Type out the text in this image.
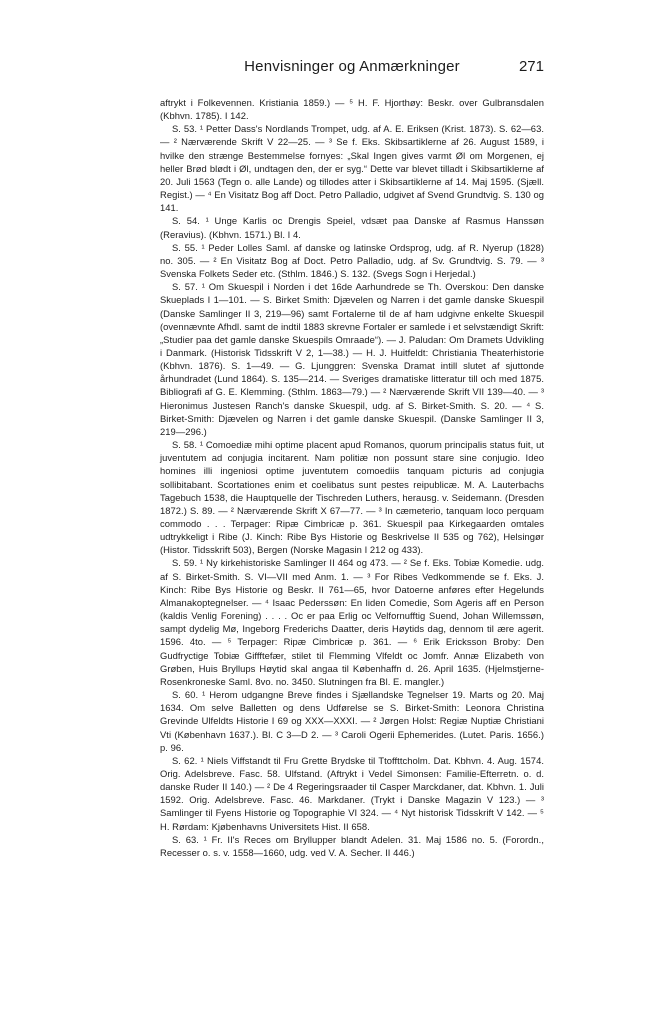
Henvisninger og Anmærkninger	271

aftrykt i Folkevennen. Kristiania 1859.) — ⁵ H. F. Hjorthøy: Beskr. over Gulbransdalen (Kbhvn. 1785). I 142.

S. 53. ¹ Petter Dass's Nordlands Trompet, udg. af A. E. Eriksen (Krist. 1873). S. 62—63. — ² Nærværende Skrift V 22—25. — ³ Se f. Eks. Skibsartiklerne af 26. August 1589, i hvilke den strænge Bestemmelse fornyes: „Skal Ingen gives varmt Øl om Morgenen, ej heller Brød blødt i Øl, undtagen den, der er syg.“ Dette var blevet tilladt i Skibsartiklerne af 20. Juli 1563 (Tegn o. alle Lande) og tillodes atter i Skibsartiklerne af 14. Maj 1595. (Sjæll. Regist.) — ⁴ En Visitatz Bog aff Doct. Petro Palladio, udgivet af Svend Grundtvig. S. 130 og 141.

S. 54. ¹ Unge Karlis oc Drengis Speiel, vdsæt paa Danske af Rasmus Hanssøn (Reravius). (Kbhvn. 1571.) Bl. I 4.

S. 55. ¹ Peder Lolles Saml. af danske og latinske Ordsprog, udg. af R. Nyerup (1828) no. 305. — ² En Visitatz Bog af Doct. Petro Palladio, udg. af Sv. Grundtvig. S. 79. — ³ Svenska Folkets Seder etc. (Sthlm. 1846.) S. 132. (Svegs Sogn i Herjedal.)

S. 57. ¹ Om Skuespil i Norden i det 16de Aarhundrede se Th. Overskou: Den danske Skueplads I 1—101. — S. Birket Smith: Djævelen og Narren i det gamle danske Skuespil (Danske Samlinger II 3, 219—96) samt Fortalerne til de af ham udgivne enkelte Skuespil (ovennævnte Afhdl. samt de indtil 1883 skrevne Fortaler er samlede i et selvstændigt Skrift: „Studier paa det gamle danske Skuespils Omraade“). — J. Paludan: Om Dramets Udvikling i Danmark. (Historisk Tidsskrift V 2, 1—38.) — H. J. Huitfeldt: Christiania Theaterhistorie (Kbhvn. 1876). S. 1—49. — G. Ljunggren: Svenska Dramat intill slutet af sjuttonde århundradet (Lund 1864). S. 135—214. — Sveriges dramatiske litteratur till och med 1875. Bibliografi af G. E. Klemming. (Sthlm. 1863—79.) — ² Nærværende Skrift VII 139—40. — ³ Hieronimus Justesen Ranch's danske Skuespil, udg. af S. Birket-Smith. S. 20. — ⁴ S. Birket-Smith: Djævelen og Narren i det gamle danske Skuespil. (Danske Samlinger II 3, 219—296.)

S. 58. ¹ Comoediæ mihi optime placent apud Romanos, quorum principalis status fuit, ut juventutem ad conjugia incitarent. Nam politiæ non possunt stare sine conjugio. Ideo homines illi ingeniosi optime juventutem comoediis tanquam picturis ad conjugia sollibitabant. Scortationes enim et coelibatus sunt pestes reipublicæ. M. A. Lauterbachs Tagebuch 1538, die Hauptquelle der Tischreden Luthers, herausg. v. Seidemann. (Dresden 1872.) S. 89. — ² Nærværende Skrift X 67—77. — ³ In cæmeterio, tanquam loco perquam commodo . . . Terpager: Ripæ Cimbricæ p. 361. Skuespil paa Kirkegaarden omtales udtrykkeligt i Ribe (J. Kinch: Ribe Bys Historie og Beskrivelse II 535 og 762), Helsingør (Histor. Tidsskrift 503), Bergen (Norske Magasin I 212 og 433).

S. 59. ¹ Ny kirkehistoriske Samlinger II 464 og 473. — ² Se f. Eks. Tobiæ Komedie. udg. af S. Birket-Smith. S. VI—VII med Anm. 1. — ³ For Ribes Vedkommende se f. Eks. J. Kinch: Ribe Bys Historie og Beskr. II 761—65, hvor Datoerne anføres efter Hegelunds Almanakoptegnelser. — ⁴ Isaac Pederssøn: En liden Comedie, Som Ageris aff en Person (kaldis Venlig Forening) . . . . Oc er paa Erlig oc Velfornufftig Suend, Johan Willemssøn, sampt dydelig Mø, Ingeborg Frederichs Daatter, deris Høytids dag, dennom til ære agerit. 1596. 4to. — ⁵ Terpager: Ripæ Cimbricæ p. 361. — ⁶ Erik Ericksson Broby: Den Gudfryctige Tobiæ Giffftefær, stilet til Flemming Vlfeldt oc Jomfr. Annæ Elizabeth von Grøben, Huis Bryllups Høytid skal angaa til Københaffn d. 26. April 1635. (Hjelmstjerne-Rosenkroneske Saml. 8vo. no. 3450. Slutningen fra Bl. E. mangler.)

S. 60. ¹ Herom udgangne Breve findes i Sjællandske Tegnelser 19. Marts og 20. Maj 1634. Om selve Balletten og dens Udførelse se S. Birket-Smith: Leonora Christina Grevinde Ulfeldts Historie I 69 og XXX—XXXI. — ² Jørgen Holst: Regiæ Nuptiæ Christiani Vti (København 1637.). Bl. C 3—D 2. — ³ Caroli Ogerii Ephemerides. (Lutet. Paris. 1656.) p. 96.

S. 62. ¹ Niels Viffstandt til Fru Grette Brydske til Ttoffttcholm. Dat. Kbhvn. 4. Aug. 1574. Orig. Adelsbreve. Fasc. 58. Ulfstand. (Aftrykt i Vedel Simonsen: Familie-Efterretn. o. d. danske Ruder II 140.) — ² De 4 Regeringsraader til Casper Marckdaner, dat. Kbhvn. 1. Juli 1592. Orig. Adelsbreve. Fasc. 46. Markdaner. (Trykt i Danske Magazin V 123.) — ³ Samlinger til Fyens Historie og Topographie VI 324. — ⁴ Nyt historisk Tidsskrift V 142. — ⁵ H. Rørdam: Kjøbenhavns Universitets Hist. II 658.

S. 63. ¹ Fr. II's Reces om Bryllupper blandt Adelen. 31. Maj 1586 no. 5. (Forordn., Recesser o. s. v. 1558—1660, udg. ved V. A. Secher. II 446.)
